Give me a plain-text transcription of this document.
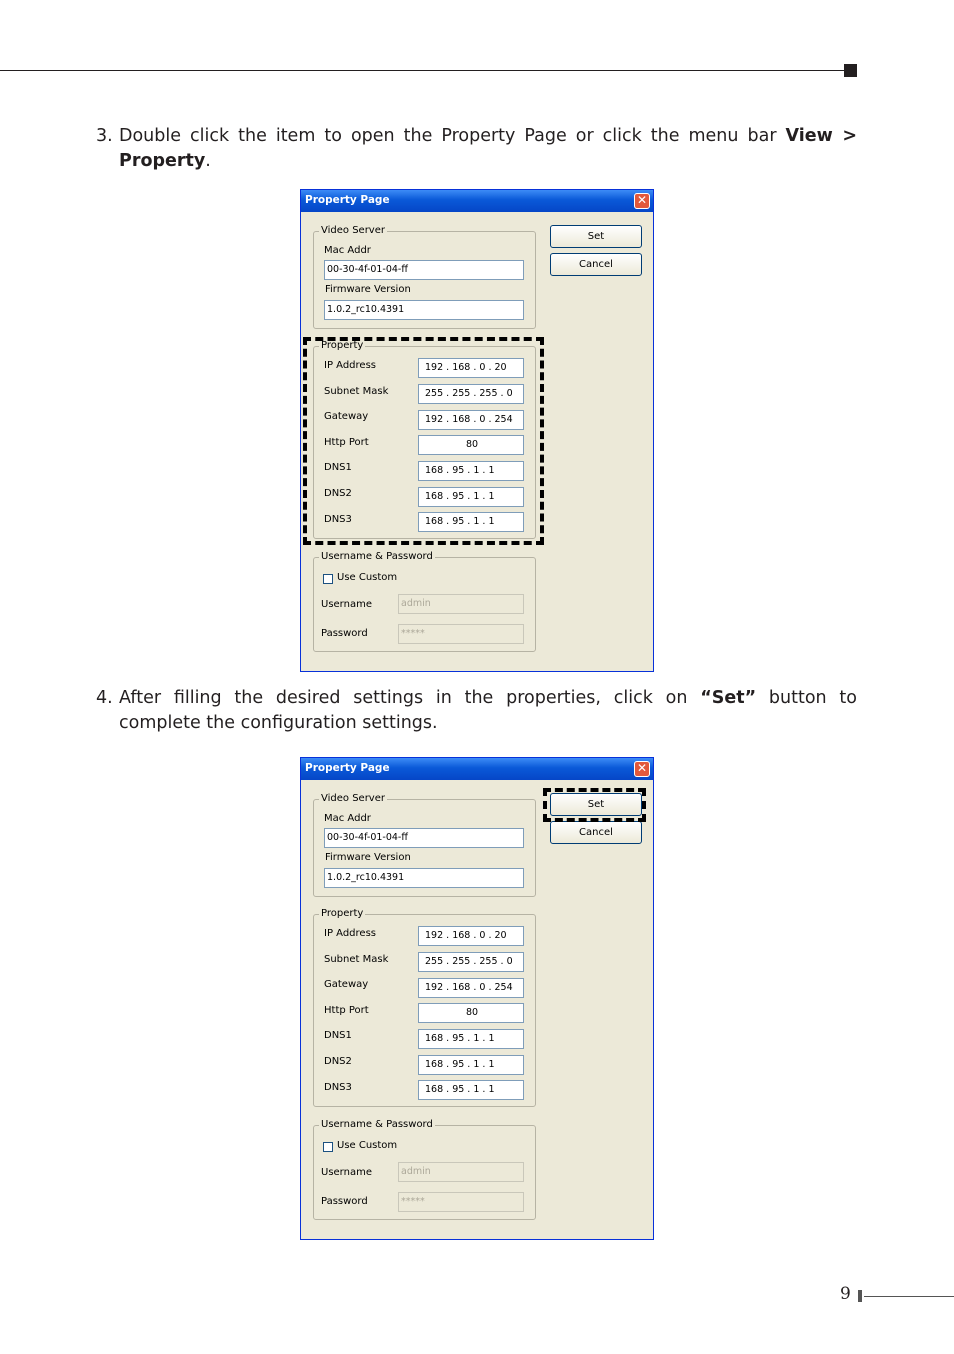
3. Double click the item to open the Property Page or click the menu bar View > Property.
Property Page	✕
Video Server
Mac Addr
00-30-4f-01-04-ff
Firmware Version
1.0.2_rc10.4391
Set
Cancel
Property
IP Address	192 . 168 . 0 . 20
Subnet Mask	255 . 255 . 255 . 0
Gateway	192 . 168 . 0 . 254
Http Port	80
DNS1	168 . 95 . 1 . 1
DNS2	168 . 95 . 1 . 1
DNS3	168 . 95 . 1 . 1
Username & Password
Use Custom
Username	admin
Password	*****
4. After filling the desired settings in the properties, click on “Set” button to complete the configuration settings.
Property Page	✕
Video Server
Mac Addr
00-30-4f-01-04-ff
Firmware Version
1.0.2_rc10.4391
Set
Cancel
Property
IP Address	192 . 168 . 0 . 20
Subnet Mask	255 . 255 . 255 . 0
Gateway	192 . 168 . 0 . 254
Http Port	80
DNS1	168 . 95 . 1 . 1
DNS2	168 . 95 . 1 . 1
DNS3	168 . 95 . 1 . 1
Username & Password
Use Custom
Username	admin
Password	*****
9
